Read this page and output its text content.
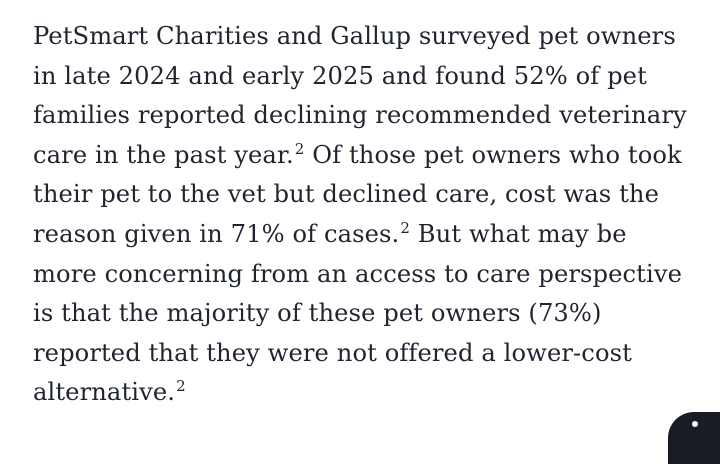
PetSmart Charities and Gallup surveyed pet owners

in late 2024 and early 2025 and found 52% of pet

families reported declining recommended veterinary

care in the past year.$^2$ Of those pet owners who took

their pet to the vet but declined care, cost was the

reason given in 71% of cases.$^2$ But what may be

more concerning from an access to care perspective

is that the majority of these pet owners (73%)

reported that they were not offered a lower-cost

alternative.$^2$
